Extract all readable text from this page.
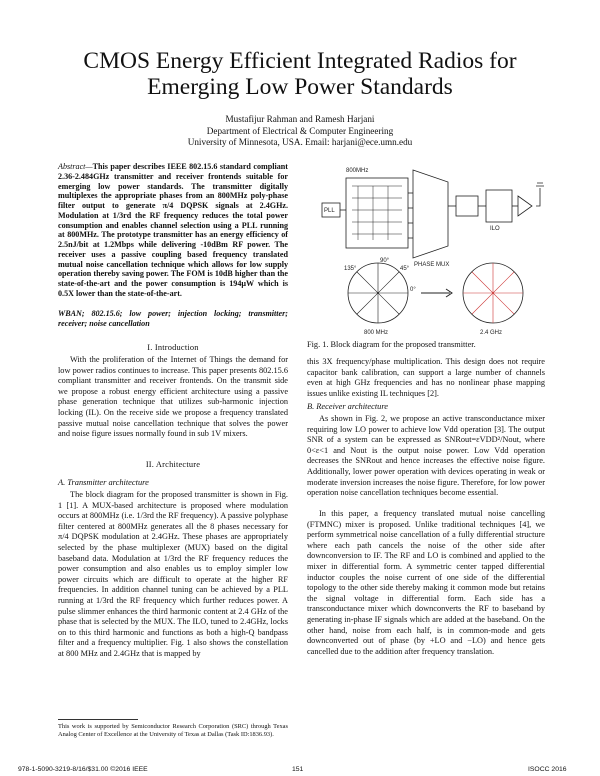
CMOS Energy Efficient Integrated Radios for
Emerging Low Power Standards
Mustafijur Rahman and Ramesh Harjani
Department of Electrical & Computer Engineering
University of Minnesota, USA. Email: harjani@ece.umn.edu
Abstract—This paper describes IEEE 802.15.6 standard compliant 2.36-2.484GHz transmitter and receiver frontends suitable for emerging low power standards. The transmitter digitally multiplexes the appropriate phases from an 800MHz poly-phase filter output to generate π/4 DQPSK signals at 2.4GHz. Modulation at 1/3rd the RF frequency reduces the total power consumption and enables channel selection using a PLL running at 800MHz. The prototype transmitter has an energy efficiency of 2.5nJ/bit at 1.2Mbps while delivering -10dBm RF power. The receiver uses a passive coupling based frequency translated mutual noise cancellation technique which allows for low supply operation thereby saving power. The FOM is 10dB higher than the state-of-the-art and the power consumption is 194μW which is 0.5X lower than the state-of-the-art.
WBAN; 802.15.6; low power; injection locking; transmitter; receiver; noise cancellation
I. Introduction
With the proliferation of the Internet of Things the demand for low power radios continues to increase. This paper presents 802.15.6 compliant transmitter and receiver frontends. On the transmit side we propose a robust energy efficient architecture using a passive phase generation technique that utilizes sub-harmonic injection locking (IL). On the receive side we propose a frequency translated passive mutual noise cancellation technique that solves the power and noise figure issues normally found in sub 1V mixers.
II. Architecture
A. Transmitter architecture
The block diagram for the proposed transmitter is shown in Fig. 1 [1]. A MUX-based architecture is proposed where modulation occurs at 800MHz (i.e. 1/3rd the RF frequency). A passive polyphase filter centered at 800MHz generates all the 8 phases necessary for π/4 DQPSK modulation at 2.4GHz. These phases are appropriately selected by the phase multiplexer (MUX) based on the digital baseband data. Modulation at 1/3rd the RF frequency reduces the power consumption and also enables us to employ simpler low power circuits which are difficult to operate at the higher RF frequencies. In addition channel tuning can be achieved by a PLL running at 1/3rd the RF frequency which further reduces power. A pulse slimmer enhances the third harmonic content at 2.4 GHz of the phase that is selected by the MUX. The ILO, tuned to 2.4GHz, locks on to this third harmonic and functions as both a high-Q bandpass filter and a frequency multiplier. Fig. 1 also shows the constellation at 800 MHz and 2.4GHz that is mapped by
This work is supported by Semiconductor Research Corporation (SRC) through Texas Analog Center of Excellence at the University of Texas at Dallas (Task ID:1836.93).
PLL
ILO
PHASE MUX
800MHz
800 MHz	2.4 GHz
0°
45°
90°
135°
Fig. 1. Block diagram for the proposed transmitter.
this 3X frequency/phase multiplication. This design does not require capacitor bank calibration, can support a large number of channels even at high GHz frequencies and has no nonlinear phase mapping issues unlike existing IL techniques [2].
B. Receiver architecture
As shown in Fig. 2, we propose an active transconductance mixer requiring low LO power to achieve low Vdd operation [3]. The output SNR of a system can be expressed as SNRout=εVDD²/Nout, where 0<ε<1 and Nout is the output noise power. Low Vdd operation decreases the SNRout and hence increases the effective noise figure. Additionally, lower power operation with devices operating in weak or moderate inversion increases the noise figure. Therefore, for low power operation noise cancellation techniques become essential.
In this paper, a frequency translated mutual noise cancelling (FTMNC) mixer is proposed. Unlike traditional techniques [4], we perform symmetrical noise cancellation of a fully differential structure where each path cancels the noise of the other side after downconversion to IF. The RF and LO is combined and applied to the mixer in differential form. A symmetric center tapped differential inductor couples the noise current of one side of the differential topology to the other side thereby making it common mode but retains the signal voltage in differential form. Each side has a transconductance mixer which downconverts the RF to baseband by generating in-phase IF signals which are added at the baseband. On the other hand, noise from each half, is in common-mode and gets downconverted out of phase (by +LO and −LO) and hence gets cancelled due to the addition after frequency translation.
978-1-5090-3219-8/16/$31.00 ©2016 IEEE	151	ISOCC 2016
